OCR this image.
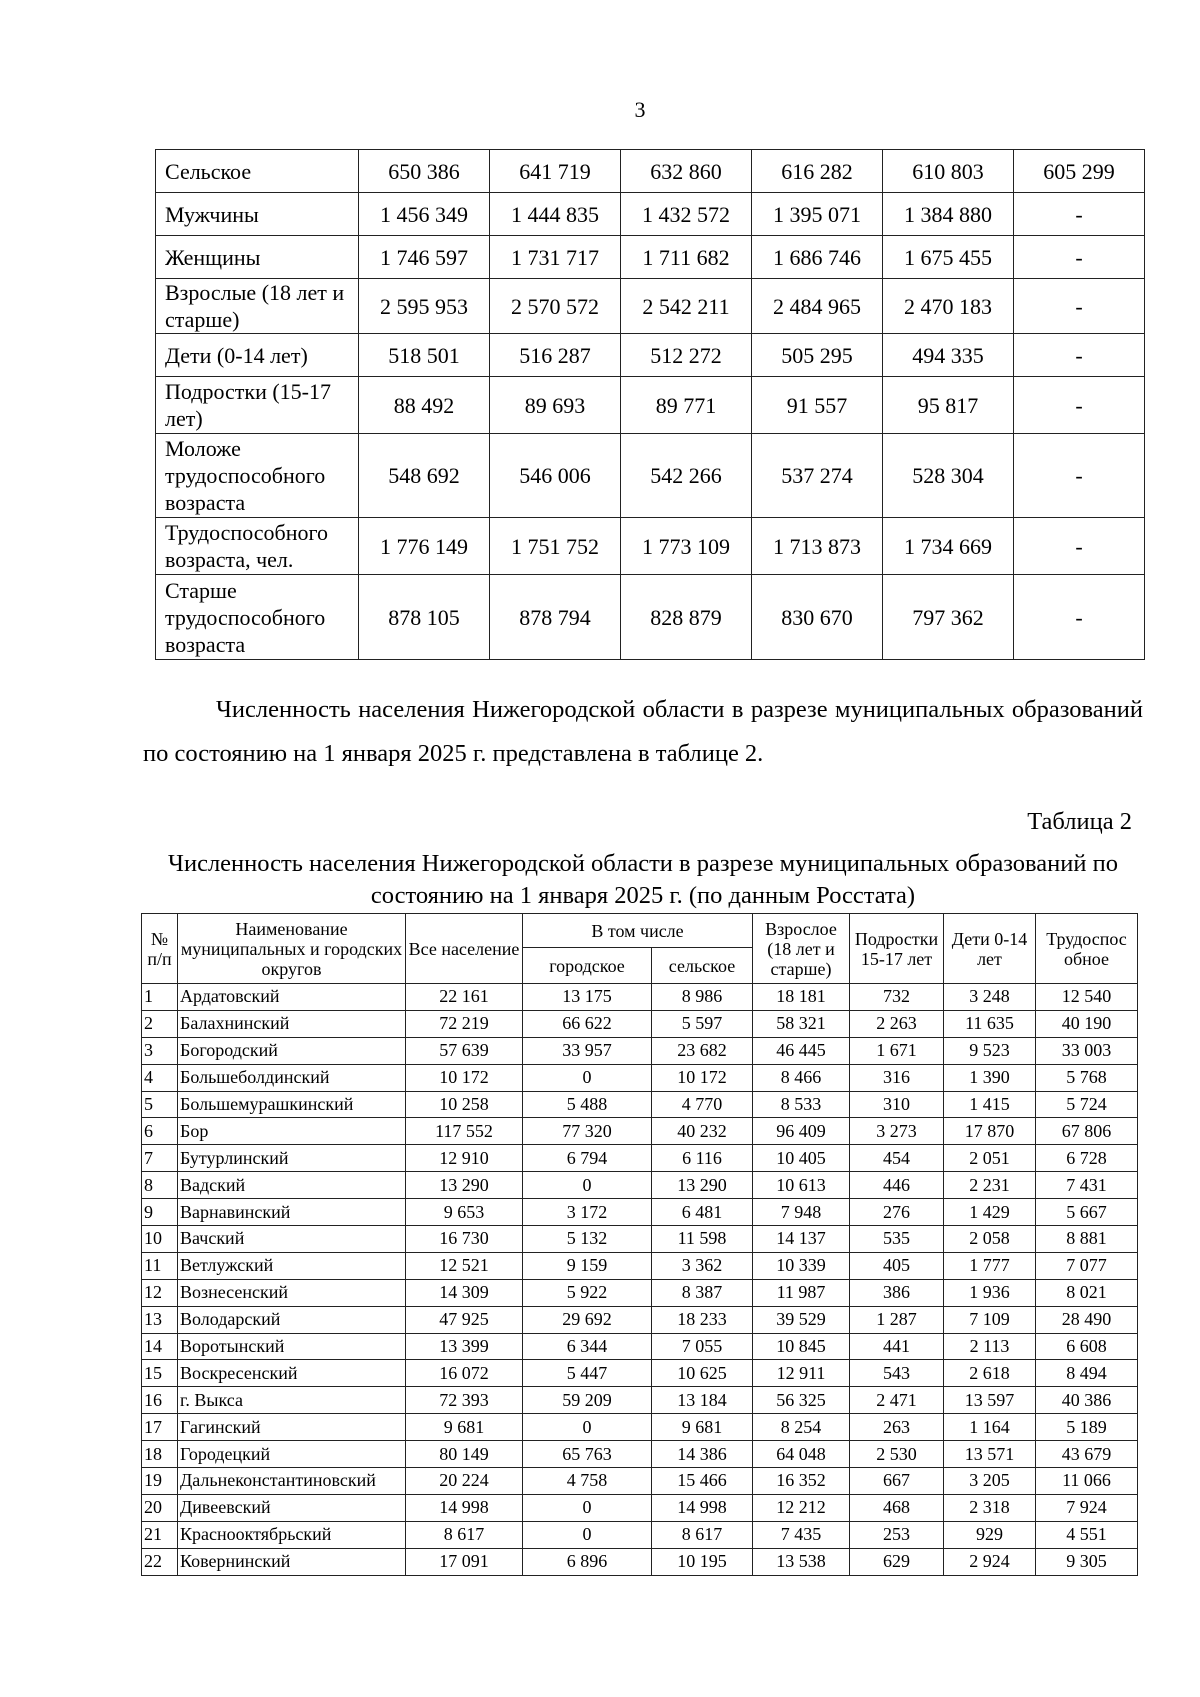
3
Сельское	650 386	641 719	632 860	616 282	610 803	605 299
Мужчины	1 456 349	1 444 835	1 432 572	1 395 071	1 384 880	-
Женщины	1 746 597	1 731 717	1 711 682	1 686 746	1 675 455	-
Взрослые (18 лет и старше)	2 595 953	2 570 572	2 542 211	2 484 965	2 470 183	-
Дети (0-14 лет)	518 501	516 287	512 272	505 295	494 335	-
Подростки (15-17 лет)	88 492	89 693	89 771	91 557	95 817	-
Моложе трудоспособного возраста	548 692	546 006	542 266	537 274	528 304	-
Трудоспособного возраста, чел.	1 776 149	1 751 752	1 773 109	1 713 873	1 734 669	-
Старше трудоспособного возраста	878 105	878 794	828 879	830 670	797 362	-
Численность населения Нижегородской области в разрезе муниципальных образований по состоянию на 1 января 2025 г. представлена в таблице 2.
Таблица 2
Численность населения Нижегородской области в разрезе муниципальных образований по состоянию на 1 января 2025 г. (по данным Росстата)
№ п/п	Наименование муниципальных и городских округов	Все население	В том числе		Взрослое (18 лет и старше)	Подростки 15-17 лет	Дети 0-14 лет	Трудоспос обное
			городское	сельское				
1	Ардатовский	22 161	13 175	8 986	18 181	732	3 248	12 540
2	Балахнинский	72 219	66 622	5 597	58 321	2 263	11 635	40 190
3	Богородский	57 639	33 957	23 682	46 445	1 671	9 523	33 003
4	Большеболдинский	10 172	0	10 172	8 466	316	1 390	5 768
5	Большемурашкинский	10 258	5 488	4 770	8 533	310	1 415	5 724
6	Бор	117 552	77 320	40 232	96 409	3 273	17 870	67 806
7	Бутурлинский	12 910	6 794	6 116	10 405	454	2 051	6 728
8	Вадский	13 290	0	13 290	10 613	446	2 231	7 431
9	Варнавинский	9 653	3 172	6 481	7 948	276	1 429	5 667
10	Вачский	16 730	5 132	11 598	14 137	535	2 058	8 881
11	Ветлужский	12 521	9 159	3 362	10 339	405	1 777	7 077
12	Вознесенский	14 309	5 922	8 387	11 987	386	1 936	8 021
13	Володарский	47 925	29 692	18 233	39 529	1 287	7 109	28 490
14	Воротынский	13 399	6 344	7 055	10 845	441	2 113	6 608
15	Воскресенский	16 072	5 447	10 625	12 911	543	2 618	8 494
16	г. Выкса	72 393	59 209	13 184	56 325	2 471	13 597	40 386
17	Гагинский	9 681	0	9 681	8 254	263	1 164	5 189
18	Городецкий	80 149	65 763	14 386	64 048	2 530	13 571	43 679
19	Дальнеконстантиновский	20 224	4 758	15 466	16 352	667	3 205	11 066
20	Дивеевский	14 998	0	14 998	12 212	468	2 318	7 924
21	Краснооктябрьский	8 617	0	8 617	7 435	253	929	4 551
22	Ковернинский	17 091	6 896	10 195	13 538	629	2 924	9 305
